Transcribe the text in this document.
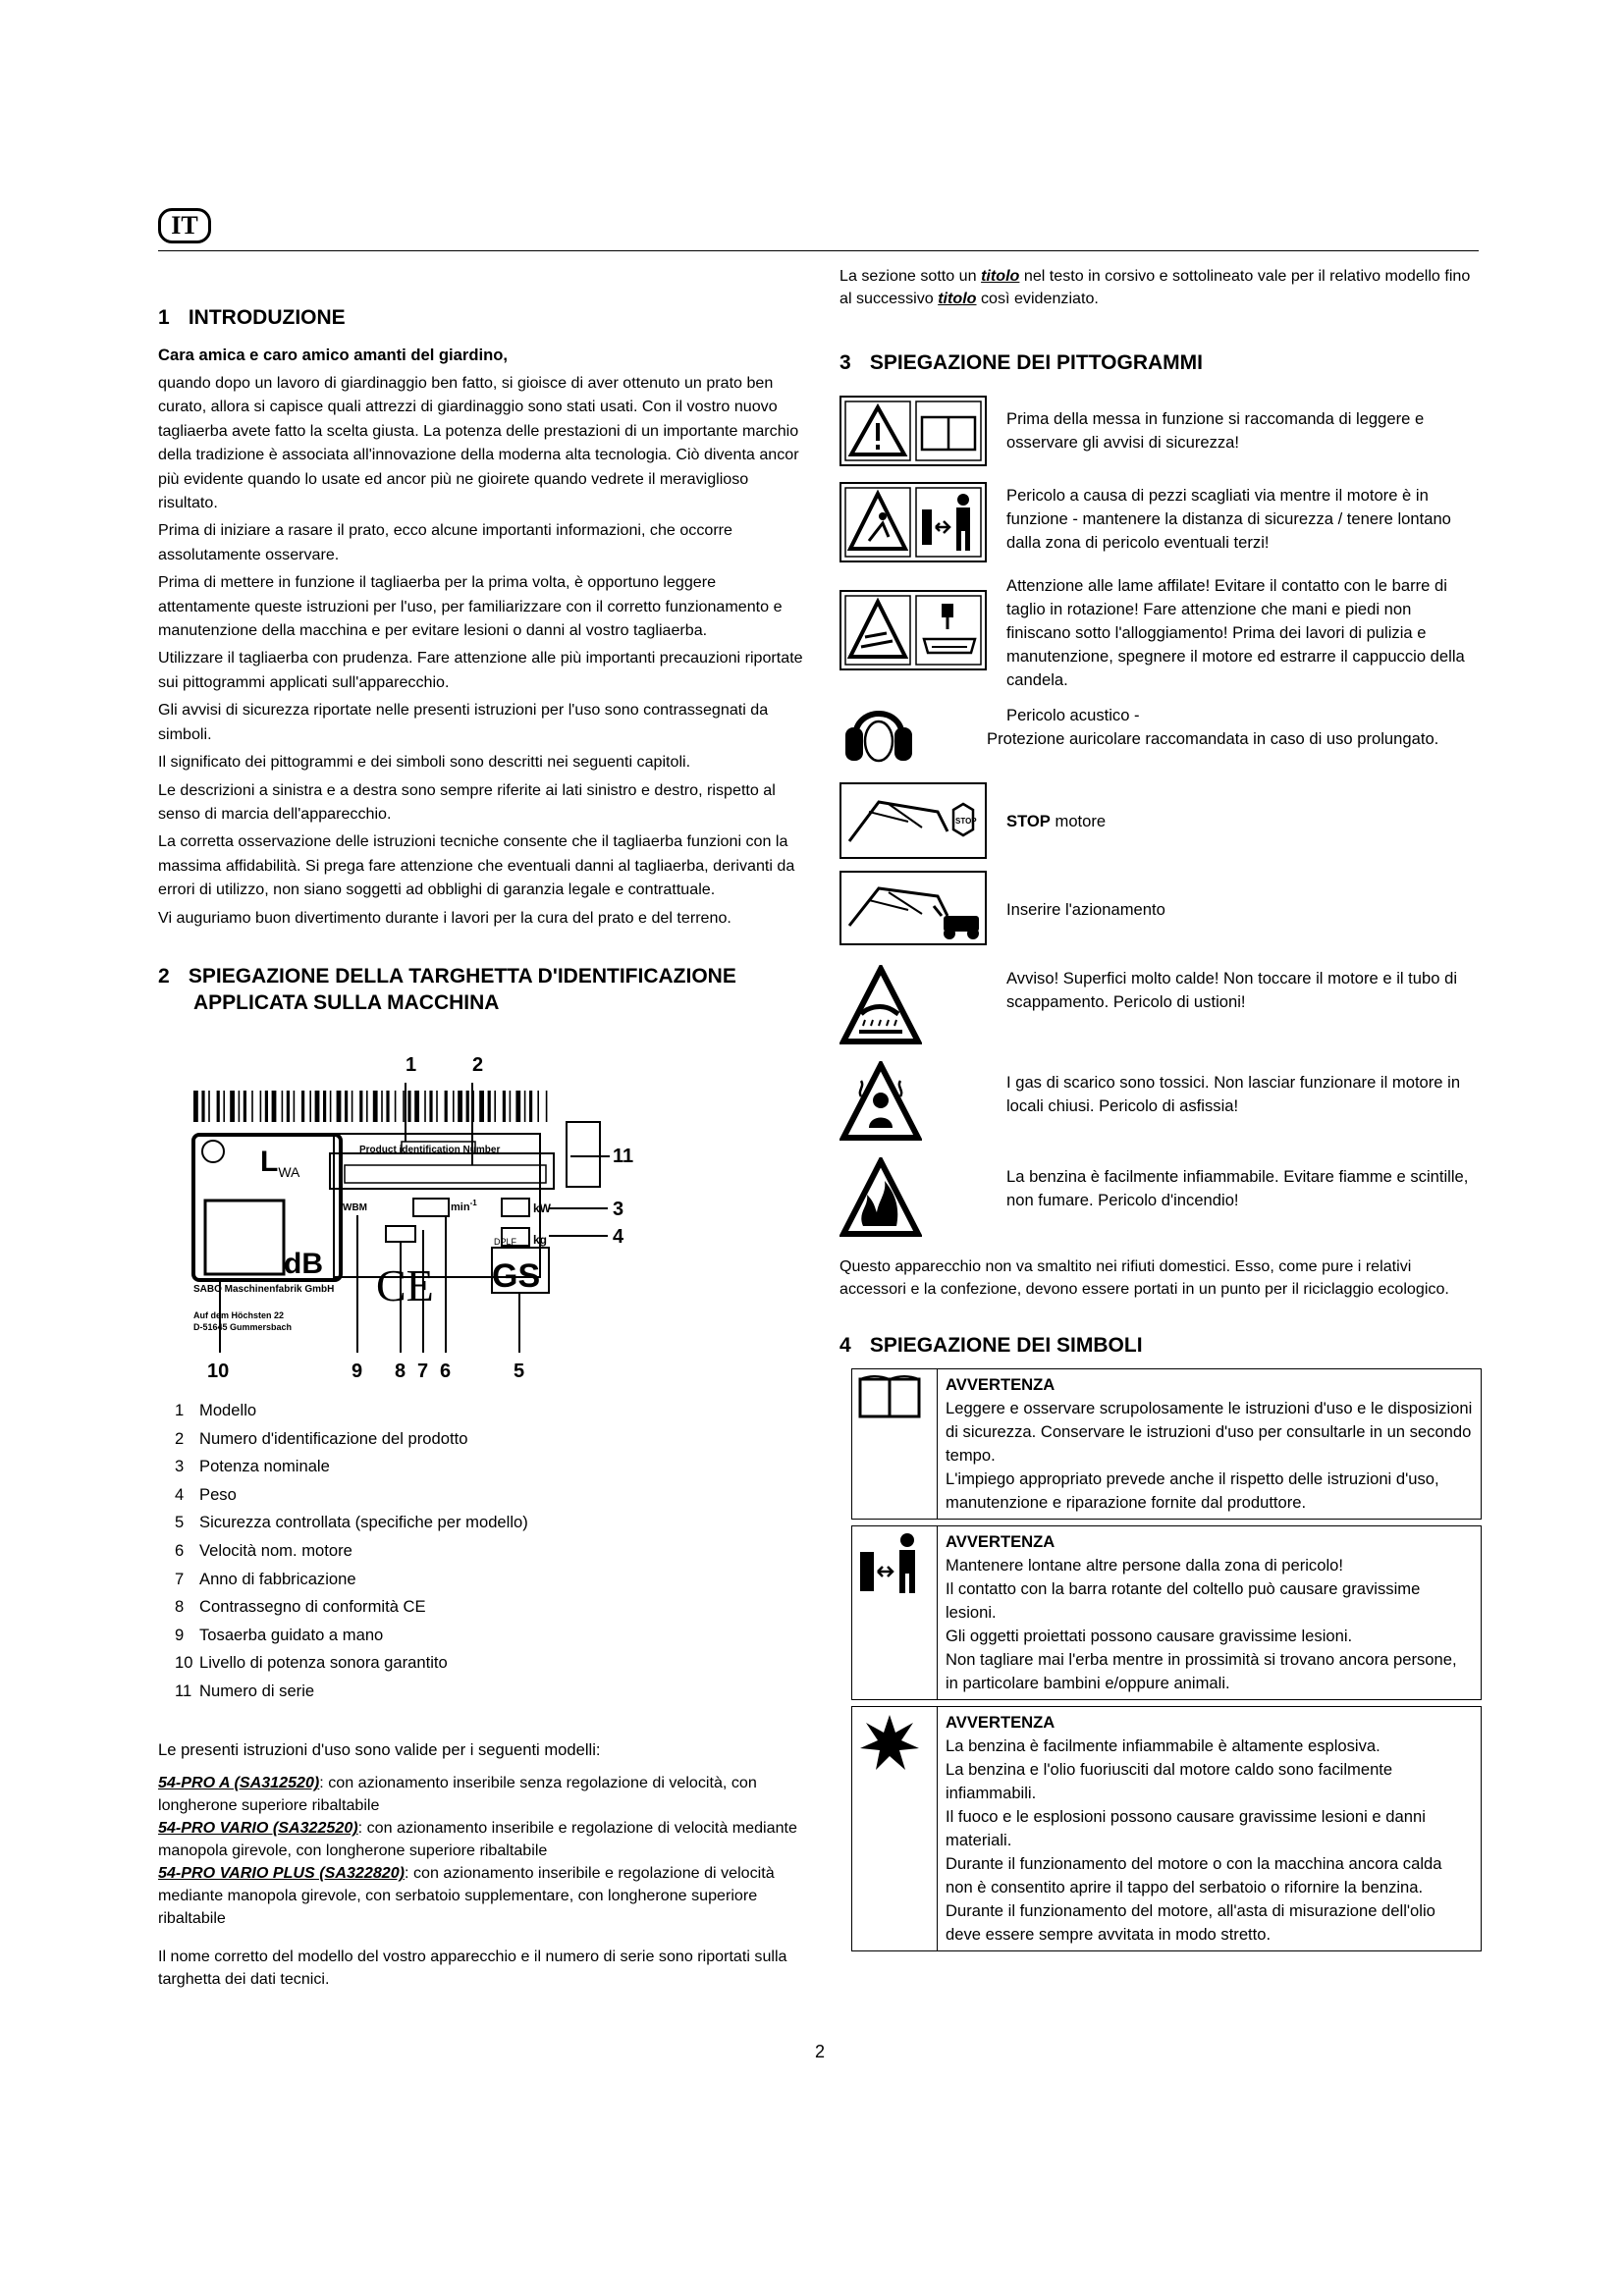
IT
1 INTRODUZIONE

Cara amica e caro amico amanti del giardino,

quando dopo un lavoro di giardinaggio ben fatto, si gioisce di aver ottenuto un prato ben curato, allora si capisce quali attrezzi di giardinaggio sono stati usati. Con il vostro nuovo tagliaerba avete fatto la scelta giusta. La potenza delle prestazioni di un importante marchio della tradizione è associata all'innovazione della moderna alta tecnologia. Ciò diventa ancor più evidente quando lo usate ed ancor più ne gioirete quando vedrete il meraviglioso risultato.

Prima di iniziare a rasare il prato, ecco alcune importanti informazioni, che occorre assolutamente osservare.

Prima di mettere in funzione il tagliaerba per la prima volta, è opportuno leggere attentamente queste istruzioni per l'uso, per familiarizzare con il corretto funzionamento e manutenzione della macchina e per evitare lesioni o danni al vostro tagliaerba.

Utilizzare il tagliaerba con prudenza. Fare attenzione alle più importanti precauzioni riportate sui pittogrammi applicati sull'apparecchio.

Gli avvisi di sicurezza riportate nelle presenti istruzioni per l'uso sono contrassegnati da simboli.

Il significato dei pittogrammi e dei simboli sono descritti nei seguenti capitoli.

Le descrizioni a sinistra e a destra sono sempre riferite ai lati sinistro e destro, rispetto al senso di marcia dell'apparecchio.

La corretta osservazione delle istruzioni tecniche consente che il tagliaerba funzioni con la massima affidabilità. Si prega fare attenzione che eventuali danni al tagliaerba, derivanti da errori di utilizzo, non siano soggetti ad obblighi di garanzia legale e contrattuale.

Vi auguriamo buon divertimento durante i lavori per la cura del prato e del terreno.

2 SPIEGAZIONE DELLA TARGHETTA D'IDENTIFICAZIONE
APPLICATA SULLA MACCHINA
1	2
$L_{WA}$
dB
Product identification Number	11
$\min^{-1}$	kW	3
kg	4
WBM
CE
DPLF
GS
SABO Maschinenfabrik GmbH
Auf dem Höchsten 22
D-51645 Gummersbach
10	9 8 7 6	5
1 Modello
2 Numero d'identificazione del prodotto
3 Potenza nominale
4 Peso
5 Sicurezza controllata (specifiche per modello)
6 Velocità nom. motore
7 Anno di fabbricazione
8 Contrassegno di conformità CE
9 Tosaerba guidato a mano
10 Livello di potenza sonora garantito
11 Numero di serie

Le presenti istruzioni d'uso sono valide per i seguenti modelli:

54-PRO A (SA312520): con azionamento inseribile senza regolazione di velocità, con longherone superiore ribaltabile

54-PRO VARIO (SA322520): con azionamento inseribile e regolazione di velocità mediante manopola girevole, con longherone superiore ribaltabile

54-PRO VARIO PLUS (SA322820): con azionamento inseribile e regolazione di velocità mediante manopola girevole, con serbatoio supplementare, con longherone superiore ribaltabile

Il nome corretto del modello del vostro apparecchio e il numero di serie sono riportati sulla targhetta dei dati tecnici.

La sezione sotto un titolo nel testo in corsivo e sottolineato vale per il relativo modello fino al successivo titolo così evidenziato.

3 SPIEGAZIONE DEI PITTOGRAMMI
Prima della messa in funzione si raccomanda di leggere e osservare gli avvisi di sicurezza!
Pericolo a causa di pezzi scagliati via mentre il motore è in funzione - mantenere la distanza di sicurezza / tenere lontano dalla zona di pericolo eventuali terzi!
Attenzione alle lame affilate! Evitare il contatto con le barre di taglio in rotazione! Fare attenzione che mani e piedi non finiscano sotto l'alloggiamento! Prima dei lavori di pulizia e manutenzione, spegnere il motore ed estrarre il cappuccio della candela.
Pericolo acustico -
Protezione auricolare raccomandata in caso di uso prolungato.
STOP	STOP motore
Inserire l'azionamento
Avviso! Superfici molto calde! Non toccare il motore e il tubo di scappamento. Pericolo di ustioni!
I gas di scarico sono tossici. Non lasciar funzionare il motore in locali chiusi. Pericolo di asfissia!
La benzina è facilmente infiammabile. Evitare fiamme e scintille, non fumare. Pericolo d'incendio!

Questo apparecchio non va smaltito nei rifiuti domestici. Esso, come pure i relativi accessori e la confezione, devono essere portati in un punto per il riciclaggio ecologico.

4 SPIEGAZIONE DEI SIMBOLI

AVVERTENZA
Leggere e osservare scrupolosamente le istruzioni d'uso e le disposizioni di sicurezza. Conservare le istruzioni d'uso per consultarle in un secondo tempo.
L'impiego appropriato prevede anche il rispetto delle istruzioni d'uso, manutenzione e riparazione fornite dal produttore.

AVVERTENZA
Mantenere lontane altre persone dalla zona di pericolo!
Il contatto con la barra rotante del coltello può causare gravissime lesioni.
Gli oggetti proiettati possono causare gravissime lesioni.
Non tagliare mai l'erba mentre in prossimità si trovano ancora persone, in particolare bambini e/oppure animali.

AVVERTENZA
La benzina è facilmente infiammabile è altamente esplosiva.
La benzina e l'olio fuoriusciti dal motore caldo sono facilmente infiammabili.
Il fuoco e le esplosioni possono causare gravissime lesioni e danni materiali.
Durante il funzionamento del motore o con la macchina ancora calda non è consentito aprire il tappo del serbatoio o rifornire la benzina.
Durante il funzionamento del motore, all'asta di misurazione dell'olio deve essere sempre avvitata in modo stretto.
2
